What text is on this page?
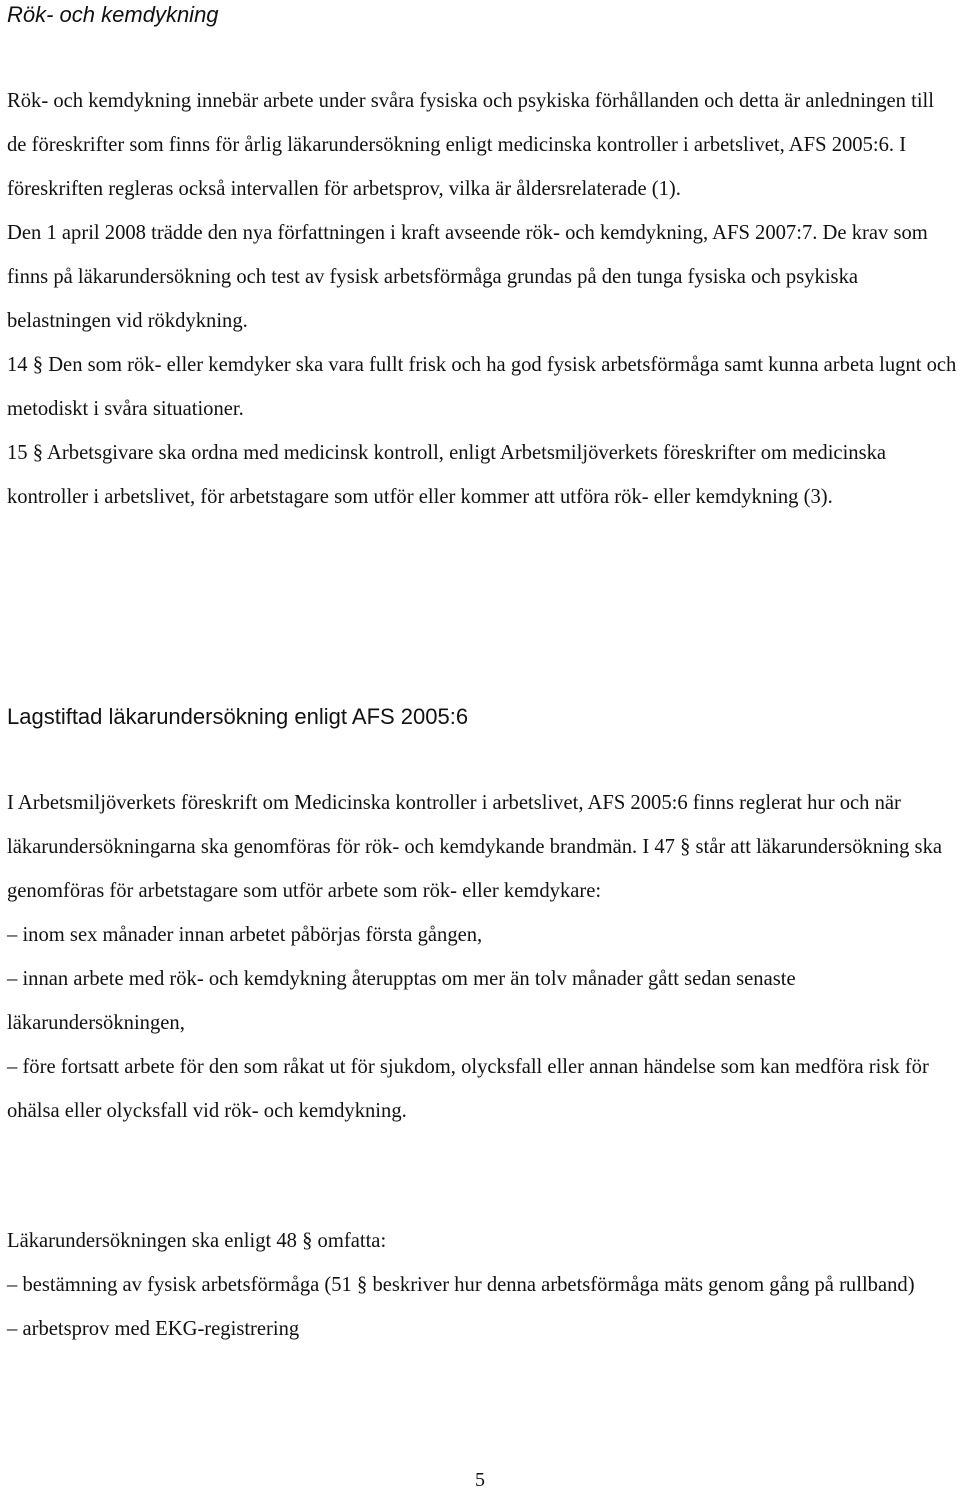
Rök- och kemdykning

Rök- och kemdykning innebär arbete under svåra fysiska och psykiska förhållanden och detta är anledningen till de föreskrifter som finns för årlig läkarundersökning enligt medicinska kontroller i arbetslivet, AFS 2005:6. I föreskriften regleras också intervallen för arbetsprov, vilka är åldersrelaterade (1).

Den 1 april 2008 trädde den nya författningen i kraft avseende rök- och kemdykning, AFS 2007:7. De krav som finns på läkarundersökning och test av fysisk arbetsförmåga grundas på den tunga fysiska och psykiska belastningen vid rökdykning.

14 § Den som rök- eller kemdyker ska vara fullt frisk och ha god fysisk arbetsförmåga samt kunna arbeta lugnt och metodiskt i svåra situationer.

15 § Arbetsgivare ska ordna med medicinsk kontroll, enligt Arbetsmiljöverkets föreskrifter om medicinska kontroller i arbetslivet, för arbetstagare som utför eller kommer att utföra rök- eller kemdykning (3).

Lagstiftad läkarundersökning enligt AFS 2005:6

I Arbetsmiljöverkets föreskrift om Medicinska kontroller i arbetslivet, AFS 2005:6 finns reglerat hur och när läkarundersökningarna ska genomföras för rök- och kemdykande brandmän. I 47 § står att läkarundersökning ska genomföras för arbetstagare som utför arbete som rök- eller kemdykare:

– inom sex månader innan arbetet påbörjas första gången,

– innan arbete med rök- och kemdykning återupptas om mer än tolv månader gått sedan senaste läkarundersökningen,

– före fortsatt arbete för den som råkat ut för sjukdom, olycksfall eller annan händelse som kan medföra risk för ohälsa eller olycksfall vid rök- och kemdykning.

Läkarundersökningen ska enligt 48 § omfatta:

– bestämning av fysisk arbetsförmåga (51 § beskriver hur denna arbetsförmåga mäts genom gång på rullband)

– arbetsprov med EKG-registrering

5
